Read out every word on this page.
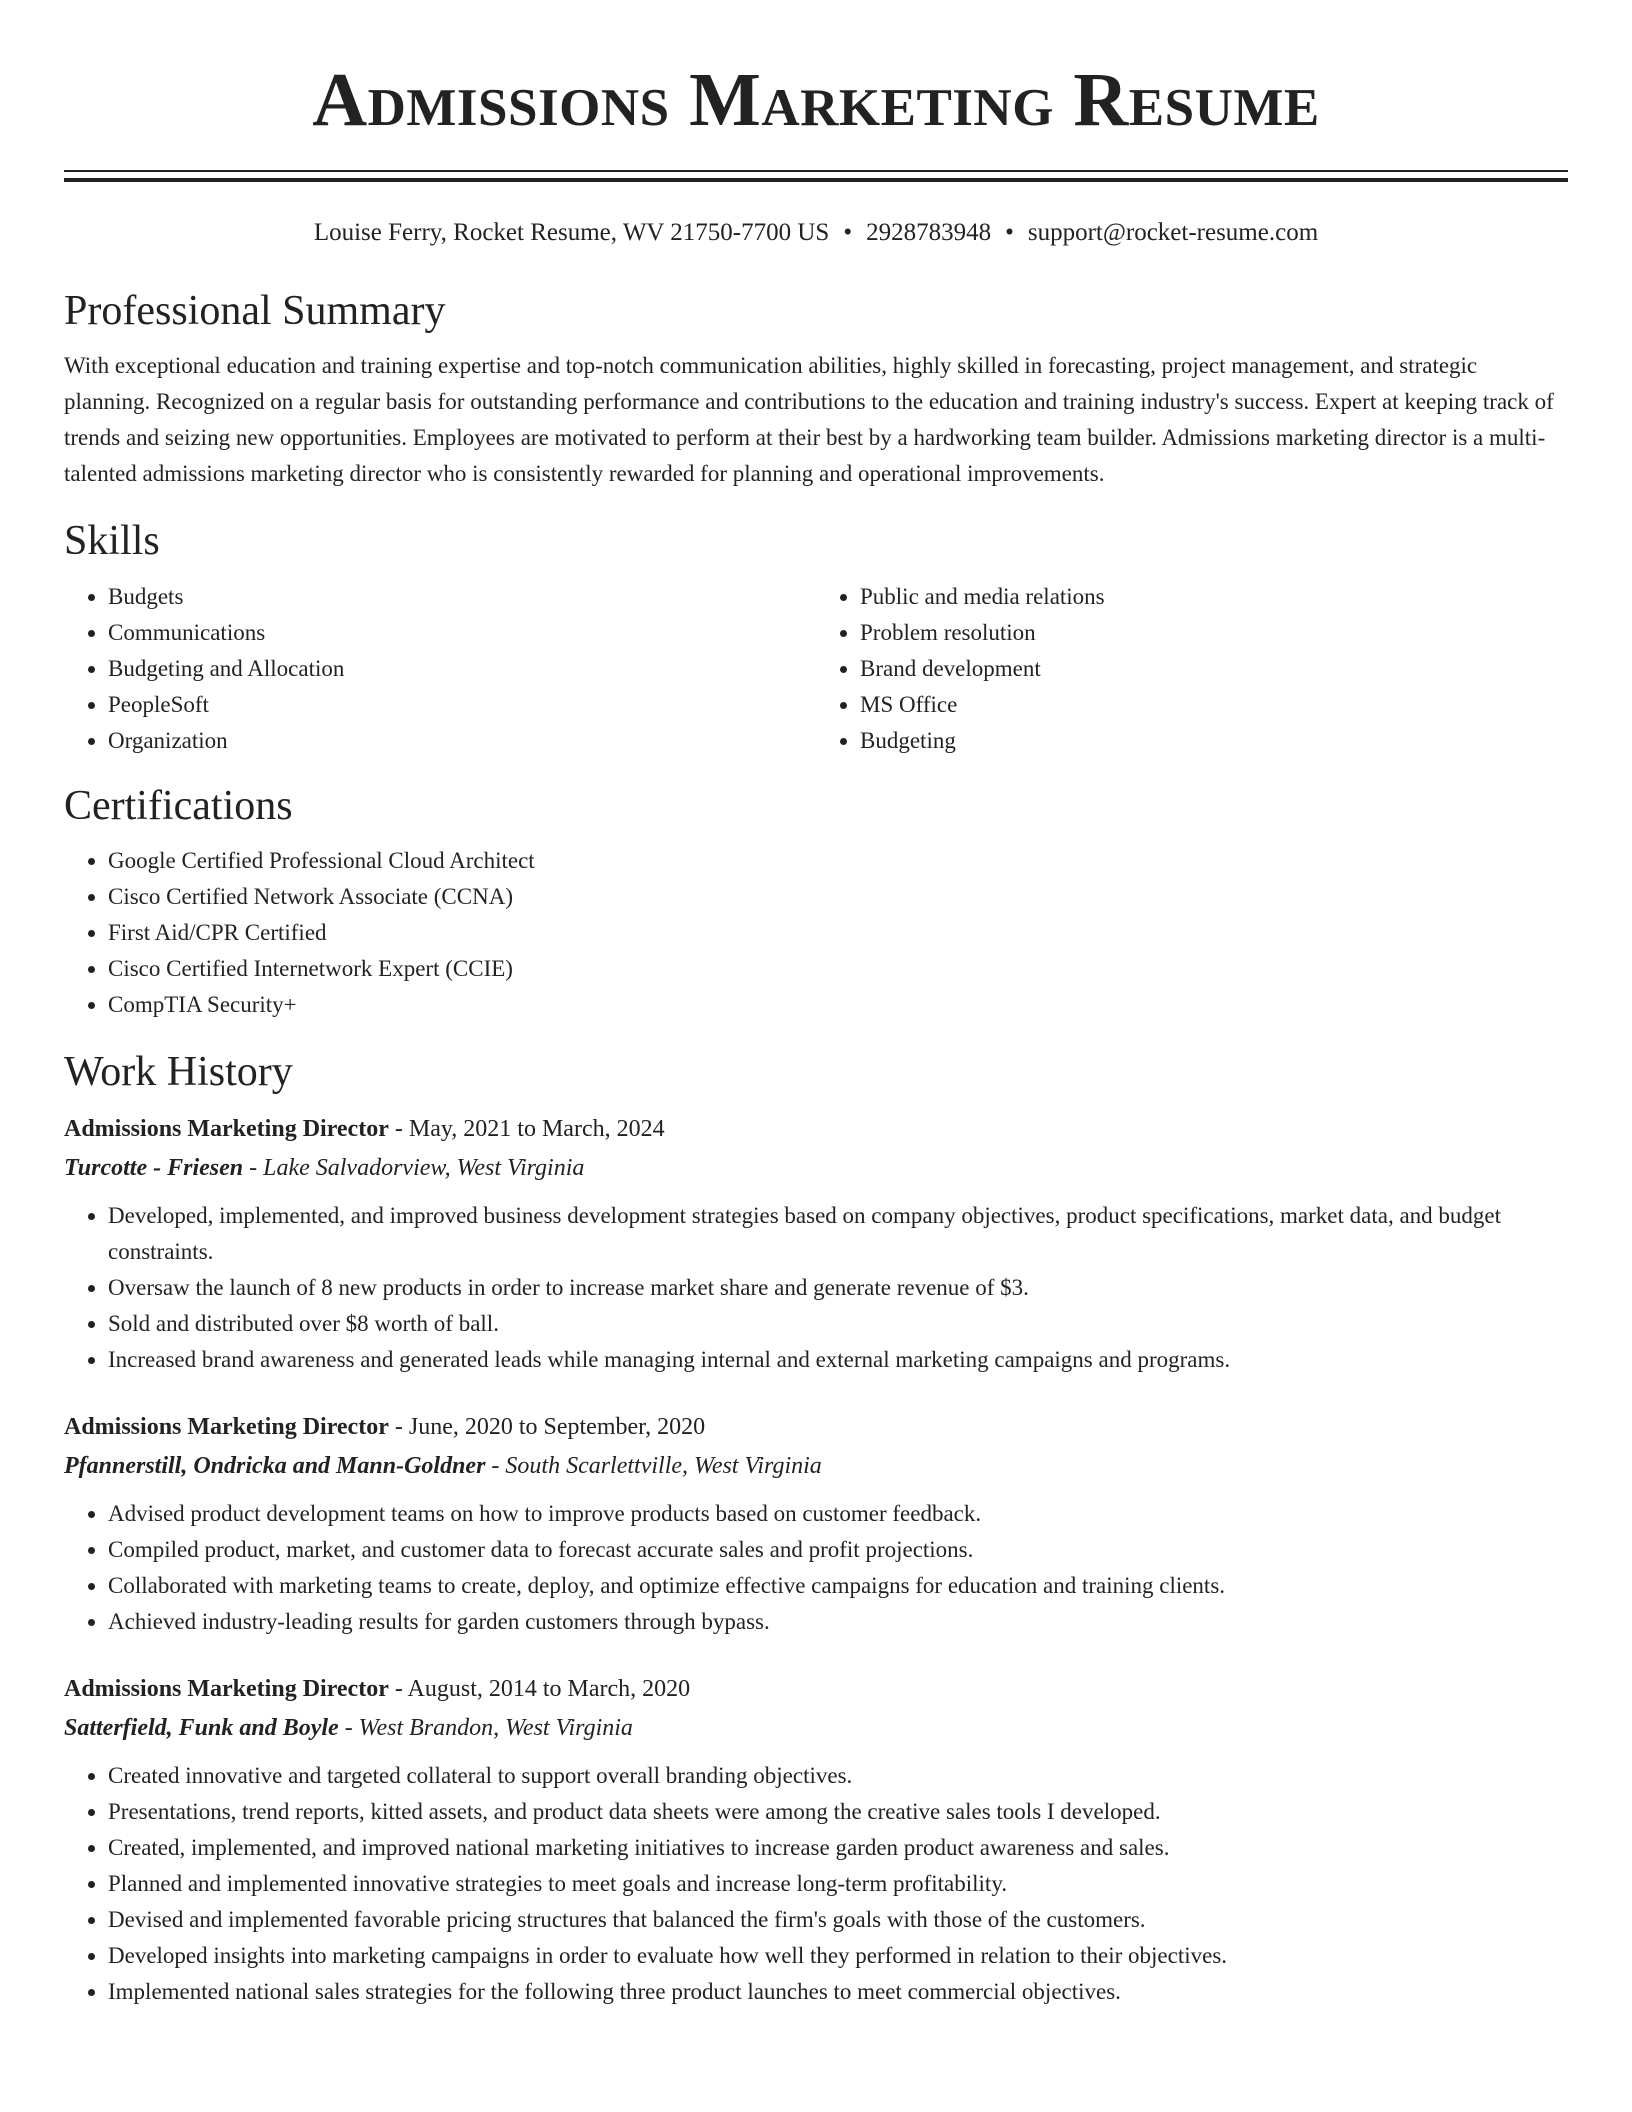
Admissions Marketing Resume
Louise Ferry, Rocket Resume, WV 21750-7700 US • 2928783948 • support@rocket-resume.com
Professional Summary

With exceptional education and training expertise and top-notch communication abilities, highly skilled in forecasting, project management, and strategic planning. Recognized on a regular basis for outstanding performance and contributions to the education and training industry's success. Expert at keeping track of trends and seizing new opportunities. Employees are motivated to perform at their best by a hardworking team builder. Admissions marketing director is a multi-talented admissions marketing director who is consistently rewarded for planning and operational improvements.

Skills
• Budgets
• Communications
• Budgeting and Allocation
• PeopleSoft
• Organization
• Public and media relations
• Problem resolution
• Brand development
• MS Office
• Budgeting
Certifications
• Google Certified Professional Cloud Architect
• Cisco Certified Network Associate (CCNA)
• First Aid/CPR Certified
• Cisco Certified Internetwork Expert (CCIE)
• CompTIA Security+
Work History
Admissions Marketing Director - May, 2021 to March, 2024
Turcotte - Friesen - Lake Salvadorview, West Virginia
• Developed, implemented, and improved business development strategies based on company objectives, product specifications, market data, and budget constraints.
• Oversaw the launch of 8 new products in order to increase market share and generate revenue of $3.
• Sold and distributed over $8 worth of ball.
• Increased brand awareness and generated leads while managing internal and external marketing campaigns and programs.
Admissions Marketing Director - June, 2020 to September, 2020
Pfannerstill, Ondricka and Mann-Goldner - South Scarlettville, West Virginia
• Advised product development teams on how to improve products based on customer feedback.
• Compiled product, market, and customer data to forecast accurate sales and profit projections.
• Collaborated with marketing teams to create, deploy, and optimize effective campaigns for education and training clients.
• Achieved industry-leading results for garden customers through bypass.
Admissions Marketing Director - August, 2014 to March, 2020
Satterfield, Funk and Boyle - West Brandon, West Virginia
• Created innovative and targeted collateral to support overall branding objectives.
• Presentations, trend reports, kitted assets, and product data sheets were among the creative sales tools I developed.
• Created, implemented, and improved national marketing initiatives to increase garden product awareness and sales.
• Planned and implemented innovative strategies to meet goals and increase long-term profitability.
• Devised and implemented favorable pricing structures that balanced the firm's goals with those of the customers.
• Developed insights into marketing campaigns in order to evaluate how well they performed in relation to their objectives.
• Implemented national sales strategies for the following three product launches to meet commercial objectives.
